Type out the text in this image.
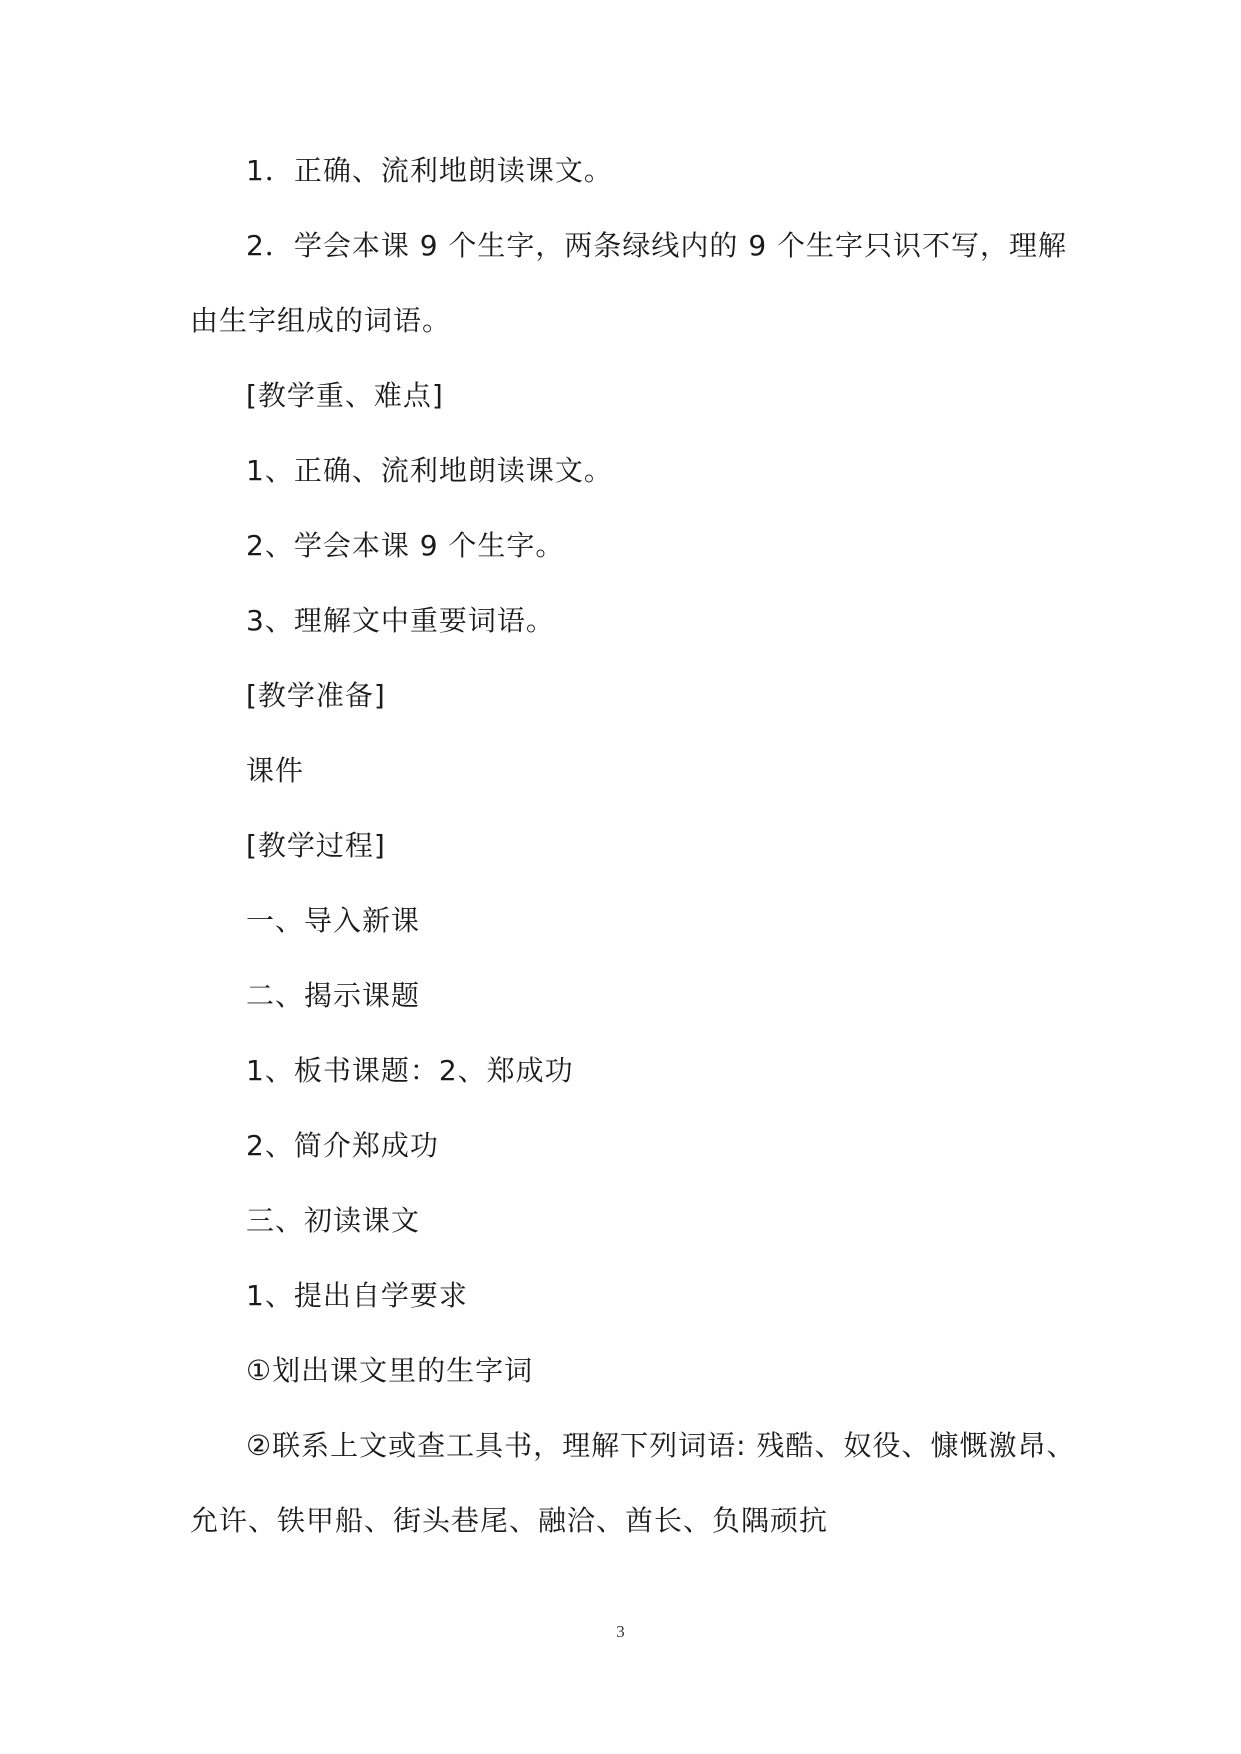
1．正确、流利地朗读课文。
2．学会本课 9 个生字，两条绿线内的 9 个生字只识不写，理解
由生字组成的词语。
[教学重、难点]
1、正确、流利地朗读课文。
2、学会本课 9 个生字。
3、理解文中重要词语。
[教学准备]
课件
[教学过程]
一、导入新课
二、揭示课题
1、板书课题：2、郑成功
2、简介郑成功
三、初读课文
1、提出自学要求
①划出课文里的生字词
②联系上文或查工具书，理解下列词语: 残酷、奴役、慷慨激昂、
允许、铁甲船、街头巷尾、融洽、酋长、负隅顽抗
3
